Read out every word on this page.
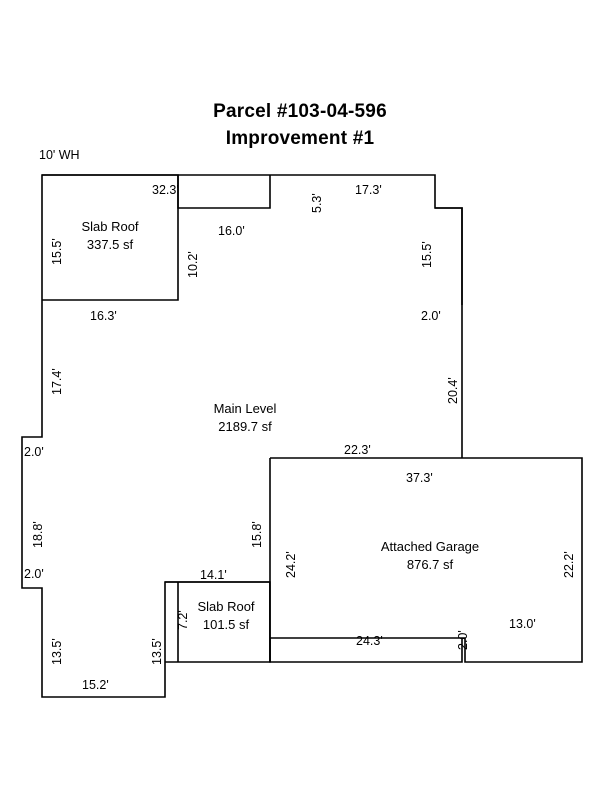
Parcel #103-04-596
Improvement #1
10' WH
Slab Roof
337.5 sf
Main Level
2189.7 sf
Attached Garage
876.7 sf
Slab Roof
101.5 sf
32.3'	17.3'
16.0'
16.3'	2.0'
2.0'
2.0'
22.3'
37.3'
14.1'
24.3'
13.0'
15.2'
15.5'	10.2'
5.3'
15.5'
17.4'	20.4'
18.8'	15.8'
24.2'	22.2'
7.2'
13.5'	13.5'	2.0'
